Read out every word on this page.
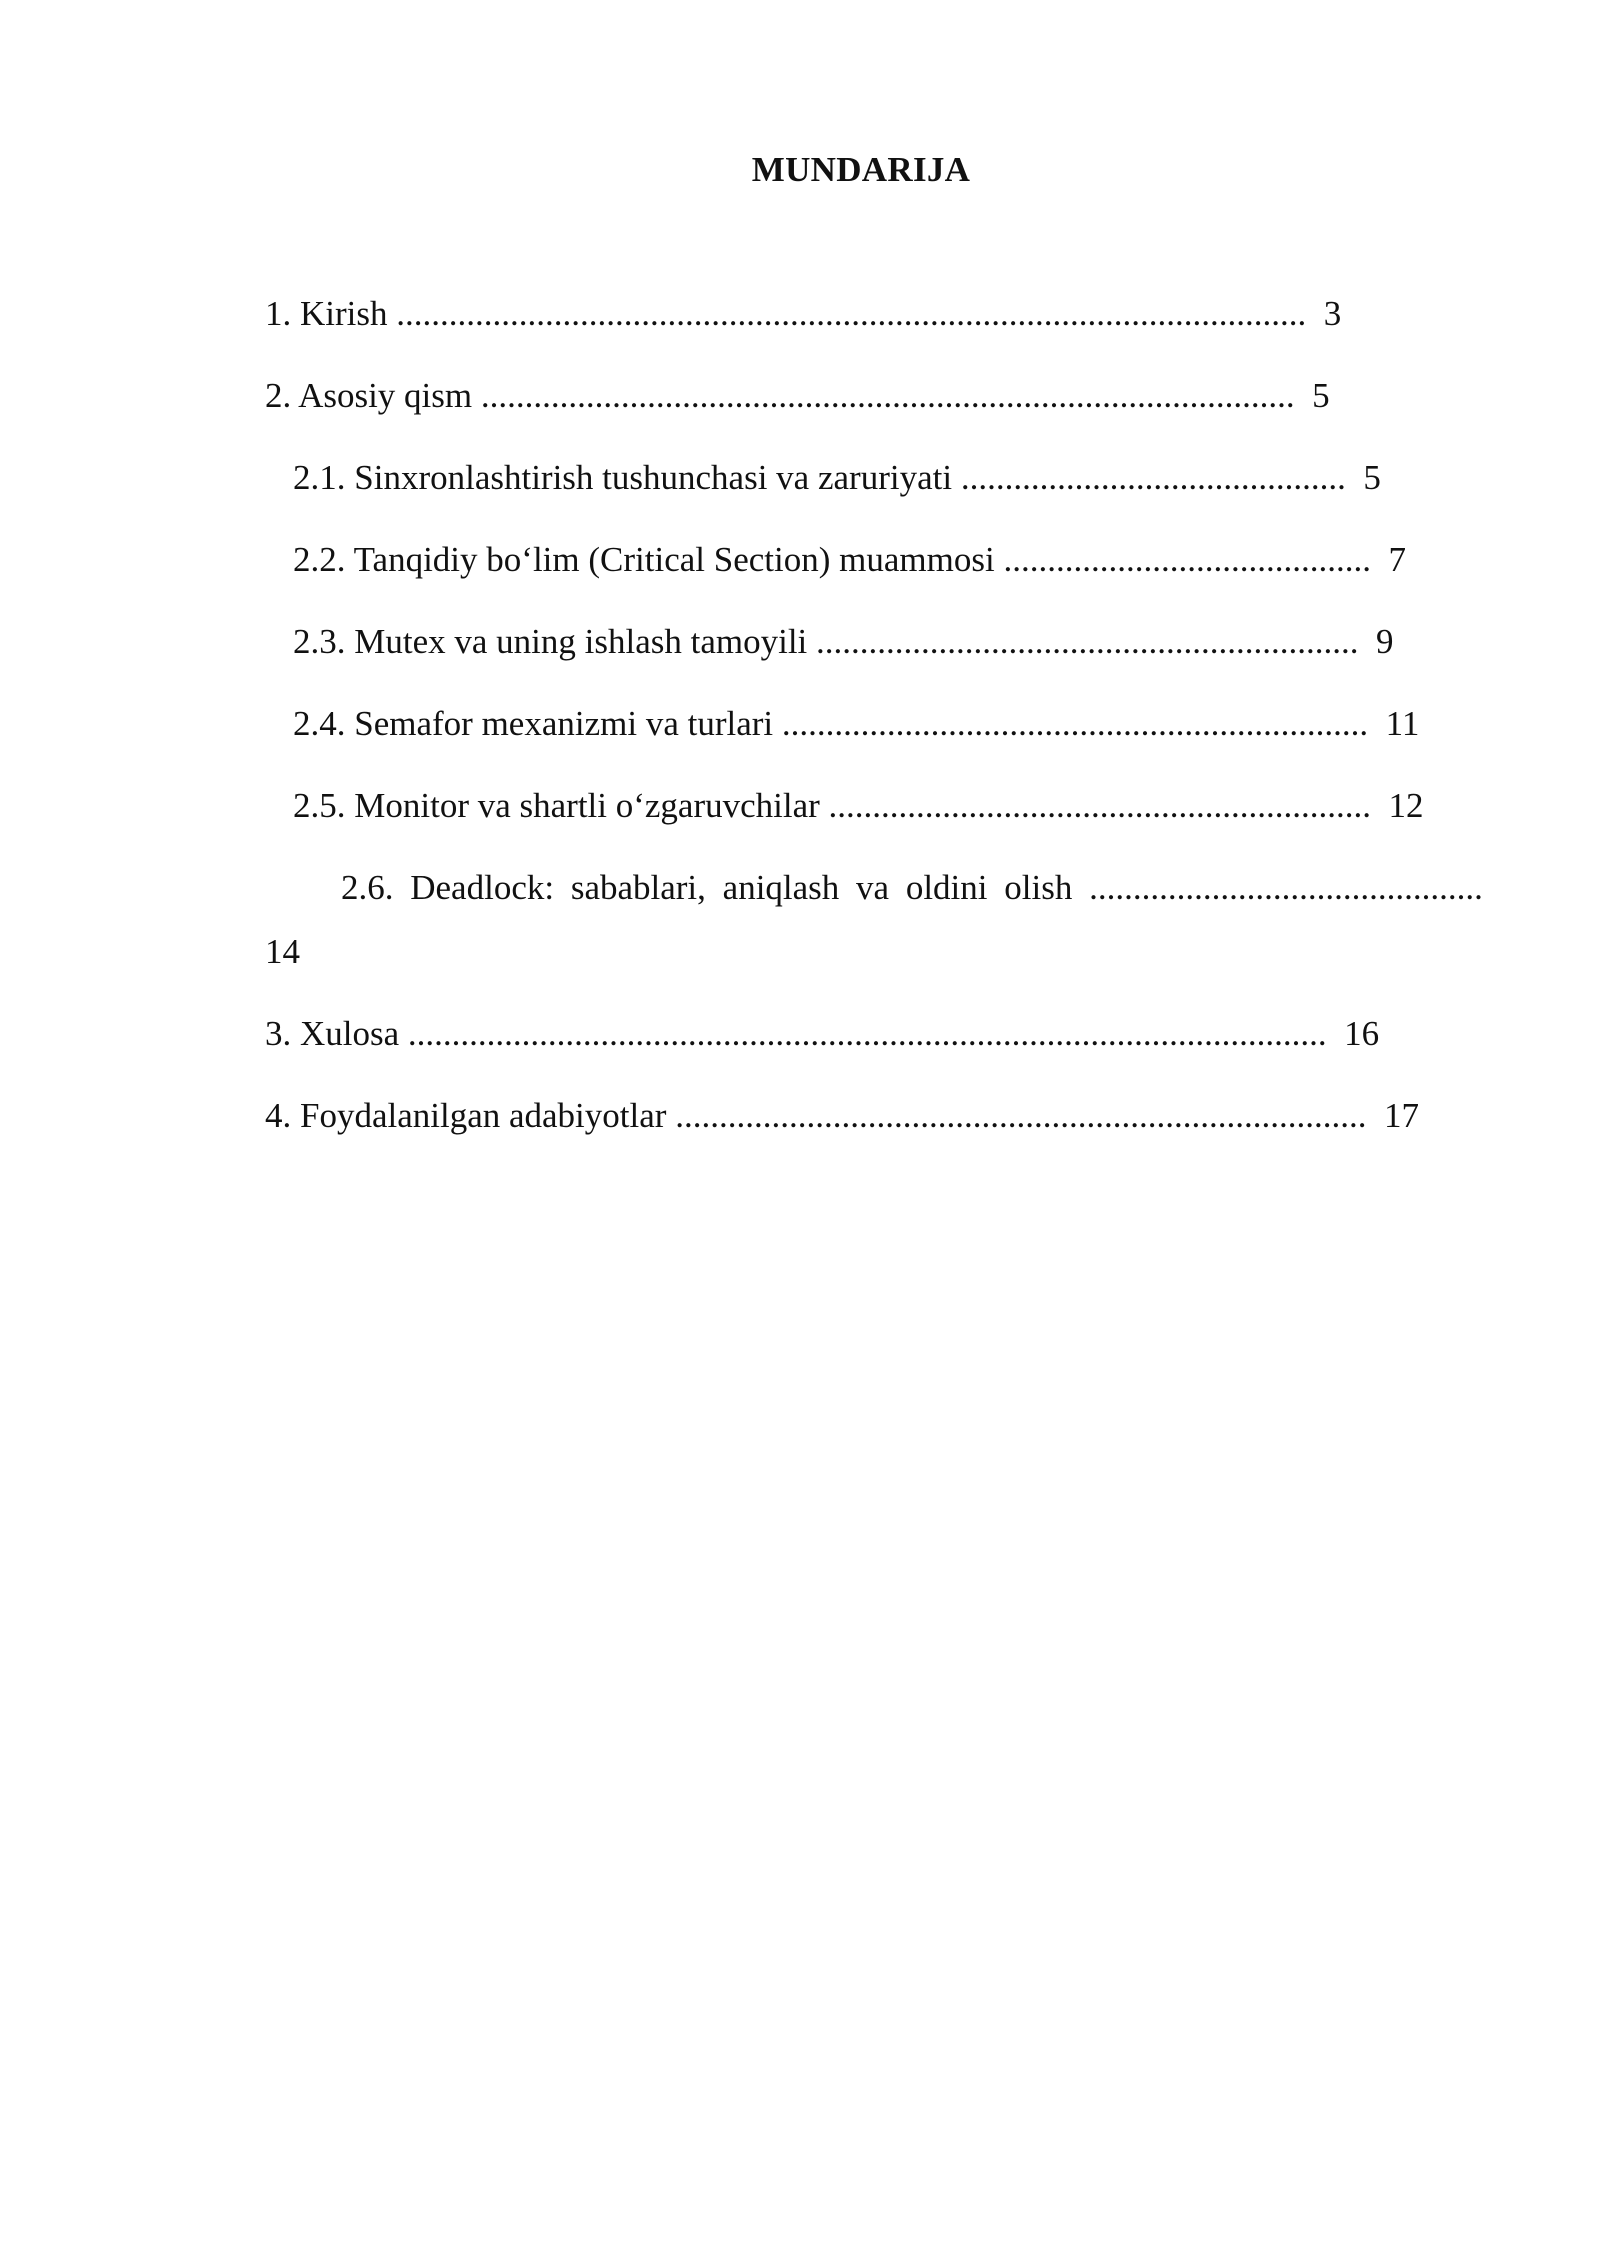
MUNDARIJA

1. Kirish ........................................................................................................ 3

2. Asosiy qism ............................................................................................. 5

2.1. Sinxronlashtirish tushunchasi va zaruriyati ............................................ 5

2.2. Tanqidiy bo‘lim (Critical Section) muammosi .......................................... 7

2.3. Mutex va uning ishlash tamoyili .............................................................. 9

2.4. Semafor mexanizmi va turlari ................................................................... 11

2.5. Monitor va shartli o‘zgaruvchilar .............................................................. 12

2.6. Deadlock: sabablari, aniqlash va oldini olish .............................................

14

3. Xulosa ......................................................................................................... 16

4. Foydalanilgan adabiyotlar ............................................................................... 17
